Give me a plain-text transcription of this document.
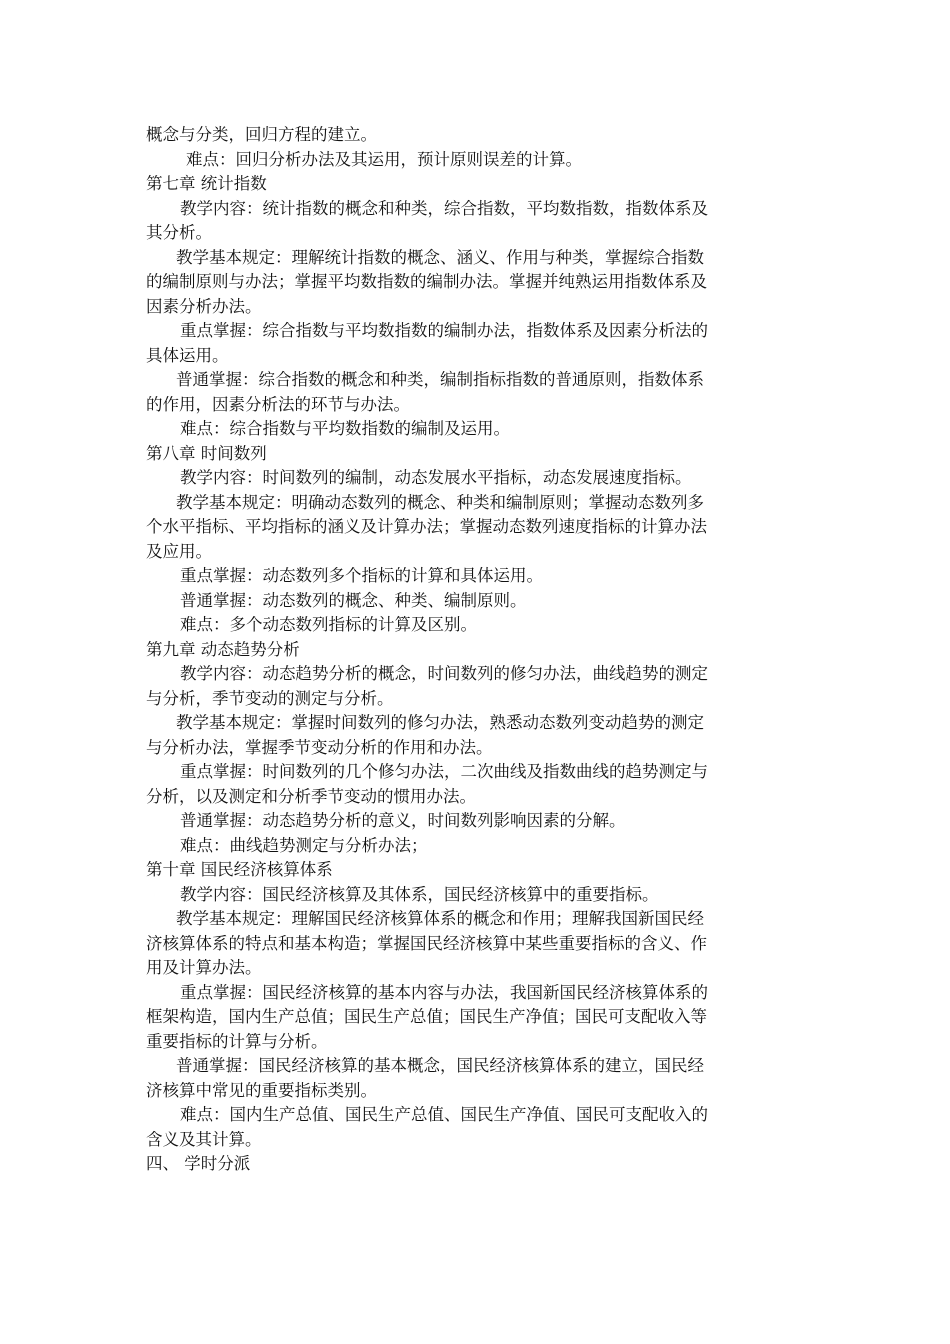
概念与分类，回归方程的建立。
难点：回归分析办法及其运用，预计原则误差的计算。
第七章 统计指数
教学内容：统计指数的概念和种类，综合指数，平均数指数，指数体系及
其分析。
教学基本规定：理解统计指数的概念、涵义、作用与种类，掌握综合指数
的编制原则与办法；掌握平均数指数的编制办法。掌握并纯熟运用指数体系及
因素分析办法。
重点掌握：综合指数与平均数指数的编制办法，指数体系及因素分析法的
具体运用。
普通掌握：综合指数的概念和种类，编制指标指数的普通原则，指数体系
的作用，因素分析法的环节与办法。
难点：综合指数与平均数指数的编制及运用。
第八章 时间数列
教学内容：时间数列的编制，动态发展水平指标，动态发展速度指标。
教学基本规定：明确动态数列的概念、种类和编制原则；掌握动态数列多
个水平指标、平均指标的涵义及计算办法；掌握动态数列速度指标的计算办法
及应用。
重点掌握：动态数列多个指标的计算和具体运用。
普通掌握：动态数列的概念、种类、编制原则。
难点：多个动态数列指标的计算及区别。
第九章 动态趋势分析
教学内容：动态趋势分析的概念，时间数列的修匀办法，曲线趋势的测定
与分析，季节变动的测定与分析。
教学基本规定：掌握时间数列的修匀办法，熟悉动态数列变动趋势的测定
与分析办法，掌握季节变动分析的作用和办法。
重点掌握：时间数列的几个修匀办法，二次曲线及指数曲线的趋势测定与
分析，以及测定和分析季节变动的惯用办法。
普通掌握：动态趋势分析的意义，时间数列影响因素的分解。
难点：曲线趋势测定与分析办法；
第十章 国民经济核算体系
教学内容：国民经济核算及其体系，国民经济核算中的重要指标。
教学基本规定：理解国民经济核算体系的概念和作用；理解我国新国民经
济核算体系的特点和基本构造；掌握国民经济核算中某些重要指标的含义、作
用及计算办法。
重点掌握：国民经济核算的基本内容与办法，我国新国民经济核算体系的
框架构造，国内生产总值；国民生产总值；国民生产净值；国民可支配收入等
重要指标的计算与分析。
普通掌握：国民经济核算的基本概念，国民经济核算体系的建立，国民经
济核算中常见的重要指标类别。
难点：国内生产总值、国民生产总值、国民生产净值、国民可支配收入的
含义及其计算。
四、 学时分派
